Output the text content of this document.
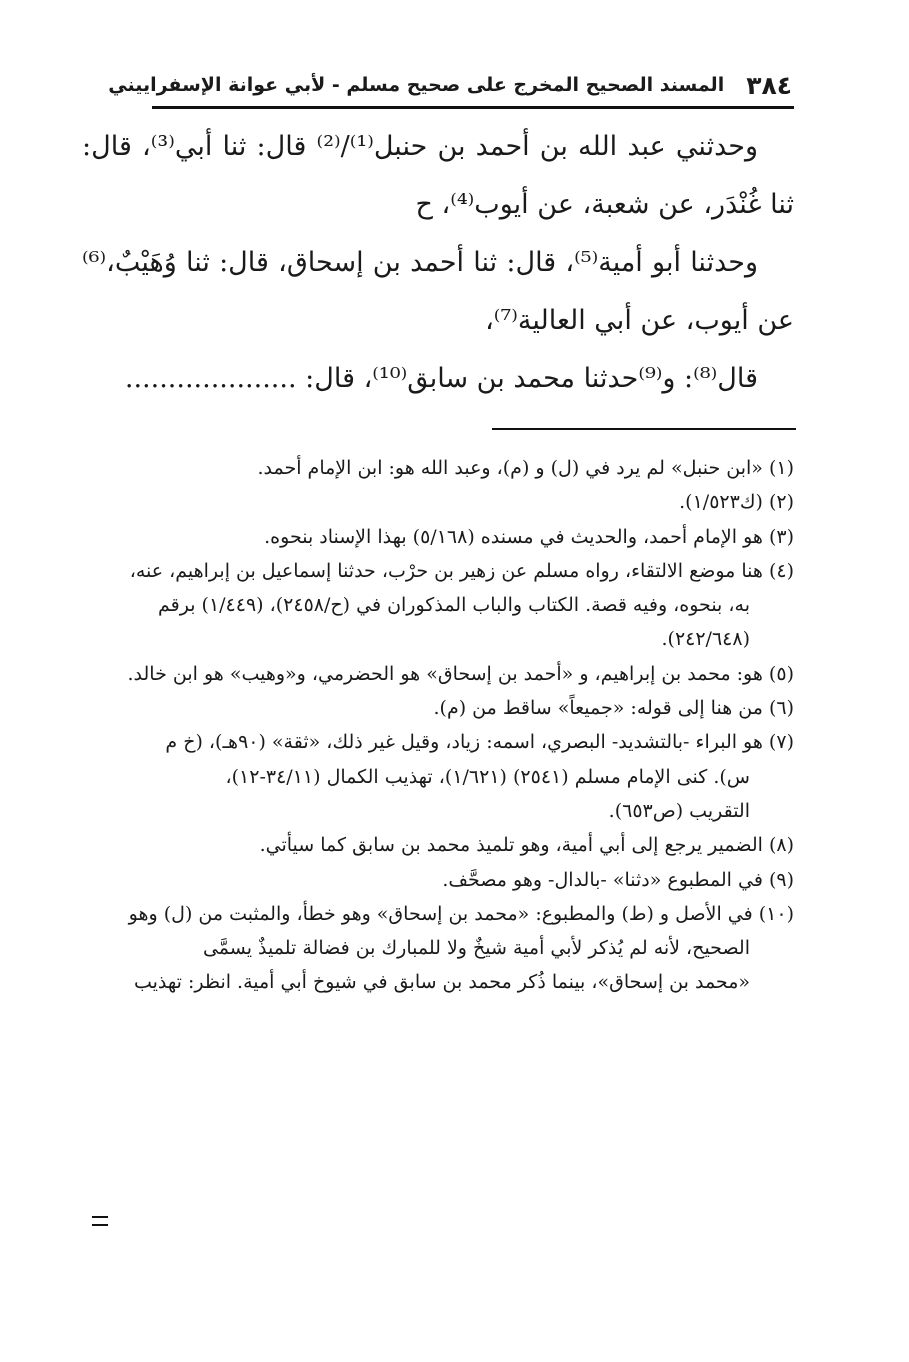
٣٨٤
المسند الصحيح المخرج على صحيح مسلم - لأبي عوانة الإسفراييني

وحدثني عبد الله بن أحمد بن حنبل⁽¹⁾/⁽²⁾ قال: ثنا أبي⁽³⁾، قال: ثنا غُنْدَر، عن شعبة، عن أيوب⁽⁴⁾، ح

وحدثنا أبو أمية⁽⁵⁾، قال: ثنا أحمد بن إسحاق، قال: ثنا وُهَيْبٌ،⁽⁶⁾عن أيوب، عن أبي العالية⁽⁷⁾،

قال⁽⁸⁾: و⁽⁹⁾حدثنا محمد بن سابق⁽¹⁰⁾، قال: ....................

(١) «ابن حنبل» لم يرد في (ل) و (م)، وعبد الله هو: ابن الإمام أحمد.

(٢) (ك١/٥٢٣).

(٣) هو الإمام أحمد، والحديث في مسنده (٥/١٦٨) بهذا الإسناد بنحوه.

(٤) هنا موضع الالتقاء، رواه مسلم عن زهير بن حرْب، حدثنا إسماعيل بن إبراهيم، عنه،

به، بنحوه، وفيه قصة. الكتاب والباب المذكوران في (ح/٢٤٥٨)، (١/٤٤٩) برقم

(٢٤٢/٦٤٨).

(٥) هو: محمد بن إبراهيم، و «أحمد بن إسحاق» هو الحضرمي، و«وهيب» هو ابن خالد.

(٦) من هنا إلى قوله: «جميعاً» ساقط من (م).

(٧) هو البراء -بالتشديد- البصري، اسمه: زياد، وقيل غير ذلك، «ثقة» (٩٠هـ)، (خ م

س). كنى الإمام مسلم (٢٥٤١) (١/٦٢١)، تهذيب الكمال (٣٤/١١-١٢)،

التقريب (ص٦٥٣).

(٨) الضمير يرجع إلى أبي أمية، وهو تلميذ محمد بن سابق كما سيأتي.

(٩) في المطبوع «دثنا» -بالدال- وهو مصحَّف.

(١٠) في الأصل و (ط) والمطبوع: «محمد بن إسحاق» وهو خطأ، والمثبت من (ل) وهو

الصحيح، لأنه لم يُذكر لأبي أمية شيخٌ ولا للمبارك بن فضالة تلميذٌ يسمَّى

«محمد بن إسحاق»، بينما ذُكر محمد بن سابق في شيوخ أبي أمية. انظر: تهذيب
